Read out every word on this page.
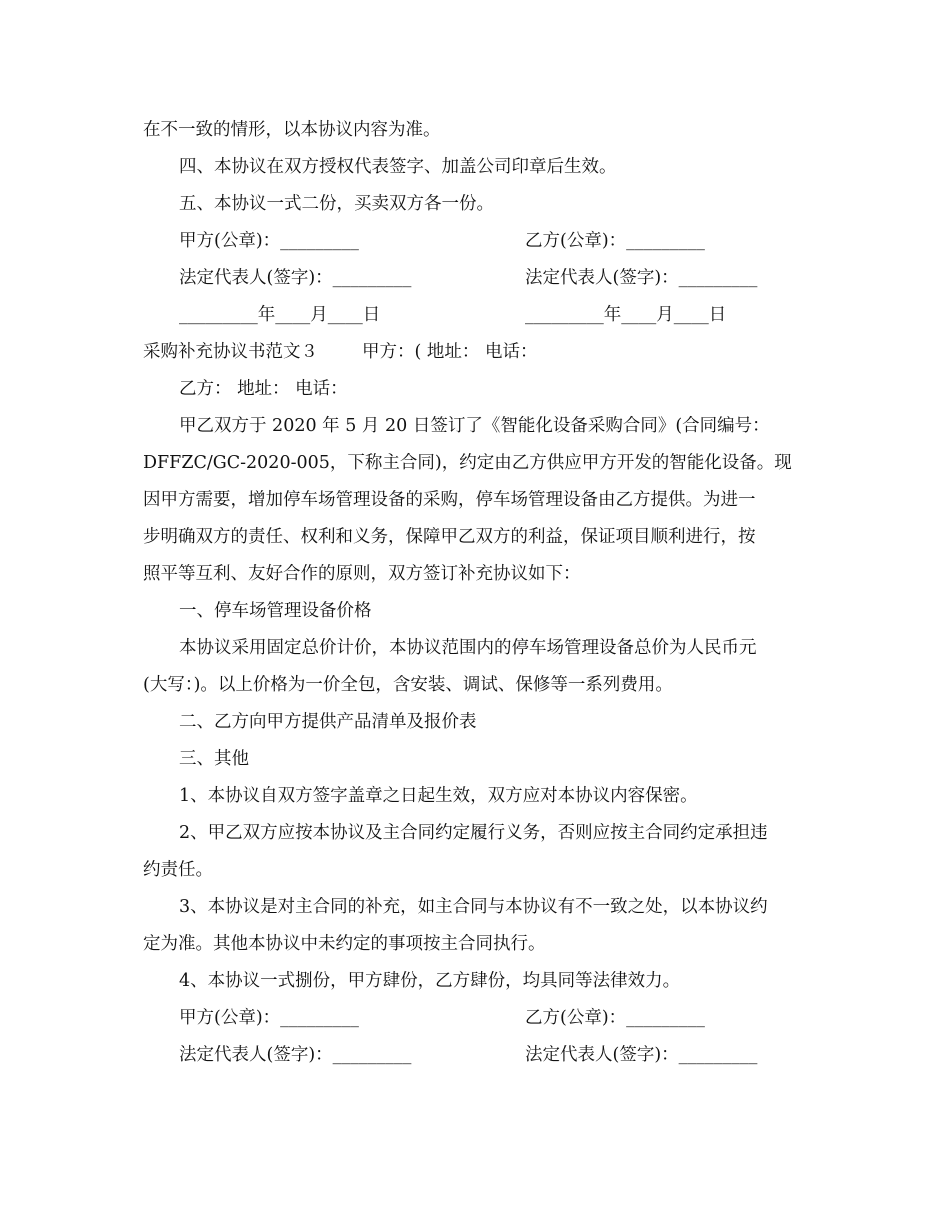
在不一致的情形，以本协议内容为准。
四、本协议在双方授权代表签字、加盖公司印章后生效。
五、本协议一式二份，买卖双方各一份。
甲方(公章)：_________	乙方(公章)：_________
法定代表人(签字)：_________	法定代表人(签字)：_________
_________年____月____日	_________年____月____日
采购补充协议书范文３	甲方：( 地址： 电话：
乙方： 地址： 电话：
甲乙双方于 2020 年 5 月 20 日签订了《智能化设备采购合同》(合同编号：
DFFZC/GC-2020-005，下称主合同)，约定由乙方供应甲方开发的智能化设备。现
因甲方需要，增加停车场管理设备的采购，停车场管理设备由乙方提供。为进一
步明确双方的责任、权利和义务，保障甲乙双方的利益，保证项目顺利进行，按
照平等互利、友好合作的原则，双方签订补充协议如下：
一、停车场管理设备价格
本协议采用固定总价计价，本协议范围内的停车场管理设备总价为人民币元
(大写：)。以上价格为一价全包，含安装、调试、保修等一系列费用。
二、乙方向甲方提供产品清单及报价表
三、其他
1、本协议自双方签字盖章之日起生效，双方应对本协议内容保密。
2、甲乙双方应按本协议及主合同约定履行义务，否则应按主合同约定承担违
约责任。
3、本协议是对主合同的补充，如主合同与本协议有不一致之处，以本协议约
定为准。其他本协议中未约定的事项按主合同执行。
4、本协议一式捌份，甲方肆份，乙方肆份，均具同等法律效力。
甲方(公章)：_________	乙方(公章)：_________
法定代表人(签字)：_________	法定代表人(签字)：_________
